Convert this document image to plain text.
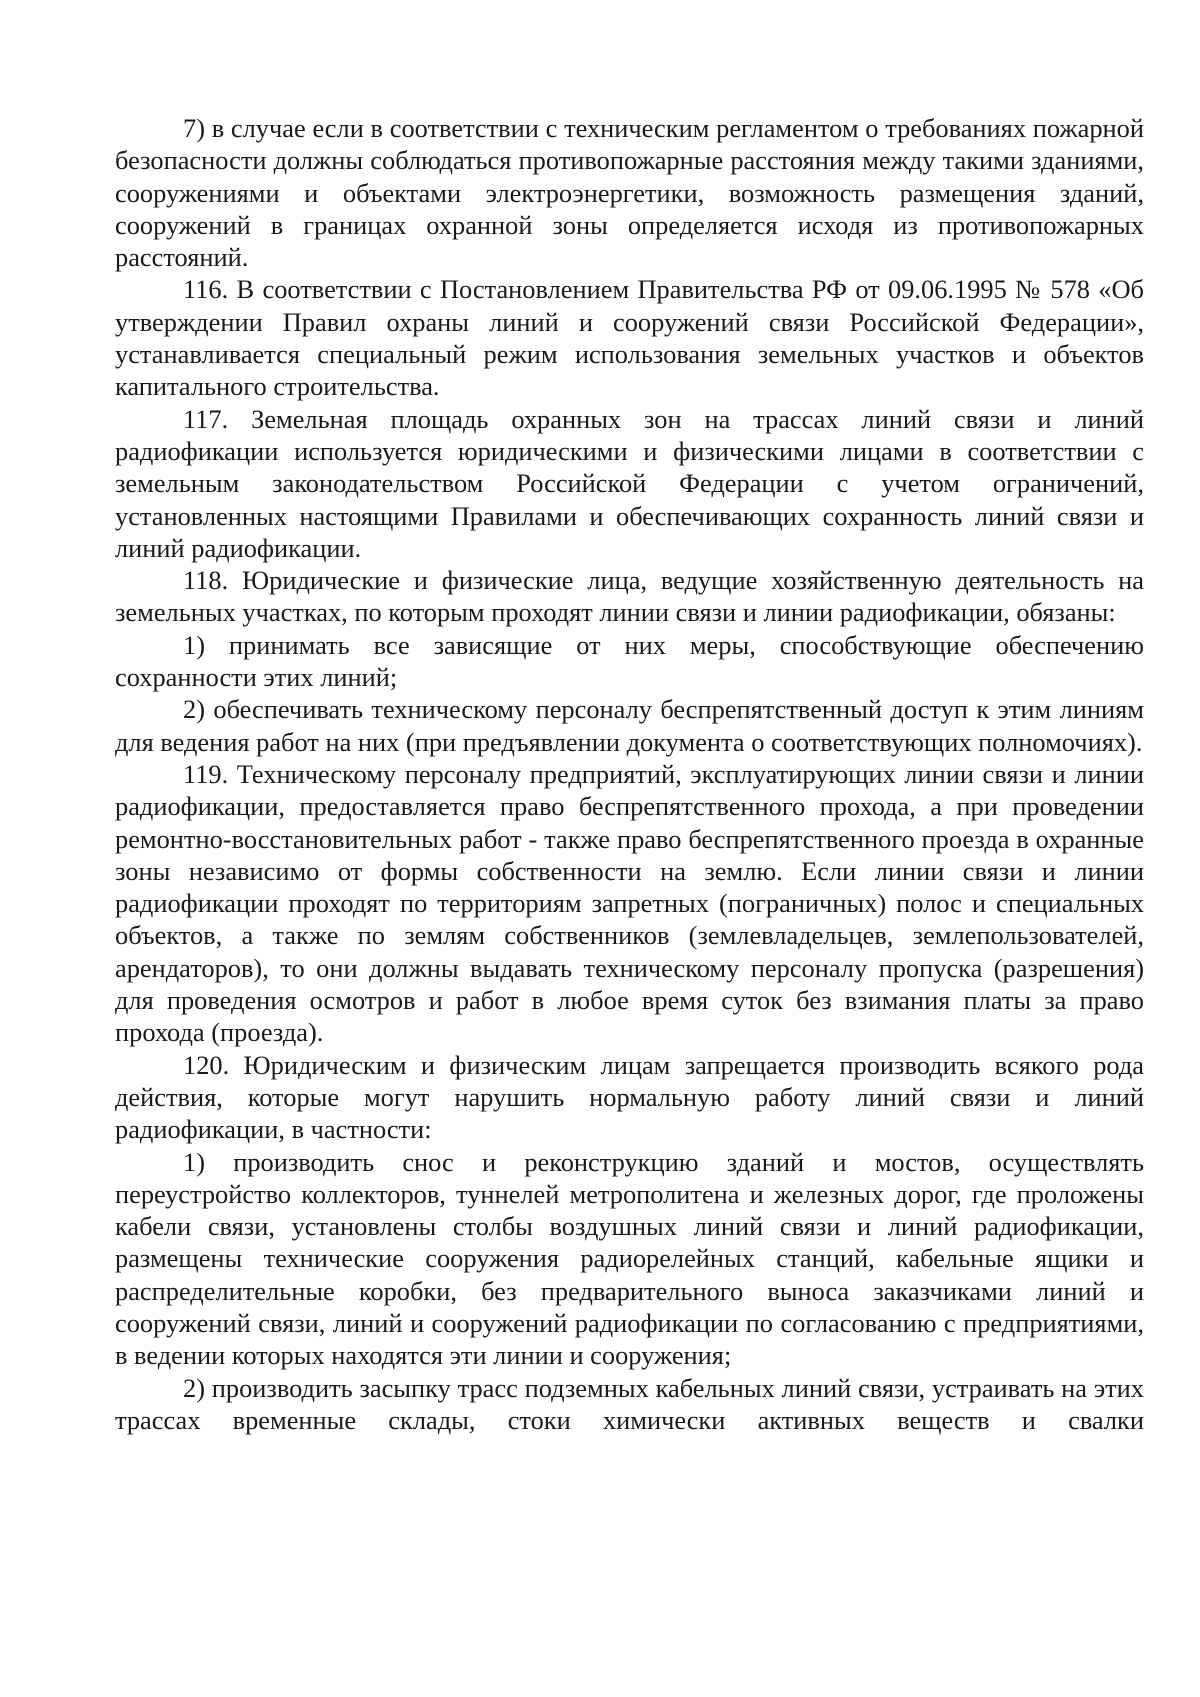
7) в случае если в соответствии с техническим регламентом о требованиях пожарной безопасности должны соблюдаться противопожарные расстояния между такими зданиями, сооружениями и объектами электроэнергетики, возможность размещения зданий, сооружений в границах охранной зоны определяется исходя из противопожарных расстояний.

116. В соответствии с Постановлением Правительства РФ от 09.06.1995 № 578 «Об утверждении Правил охраны линий и сооружений связи Российской Федерации», устанавливается специальный режим использования земельных участков и объектов капитального строительства.

117. Земельная площадь охранных зон на трассах линий связи и линий радиофикации используется юридическими и физическими лицами в соответствии с земельным законодательством Российской Федерации с учетом ограничений, установленных настоящими Правилами и обеспечивающих сохранность линий связи и линий радиофикации.

118. Юридические и физические лица, ведущие хозяйственную деятельность на земельных участках, по которым проходят линии связи и линии радиофикации, обязаны:

1) принимать все зависящие от них меры, способствующие обеспечению сохранности этих линий;

2) обеспечивать техническому персоналу беспрепятственный доступ к этим линиям для ведения работ на них (при предъявлении документа о соответствующих полномочиях).

119. Техническому персоналу предприятий, эксплуатирующих линии связи и линии радиофикации, предоставляется право беспрепятственного прохода, а при проведении ремонтно-восстановительных работ - также право беспрепятственного проезда в охранные зоны независимо от формы собственности на землю. Если линии связи и линии радиофикации проходят по территориям запретных (пограничных) полос и специальных объектов, а также по землям собственников (землевладельцев, землепользователей, арендаторов), то они должны выдавать техническому персоналу пропуска (разрешения) для проведения осмотров и работ в любое время суток без взимания платы за право прохода (проезда).

120. Юридическим и физическим лицам запрещается производить всякого рода действия, которые могут нарушить нормальную работу линий связи и линий радиофикации, в частности:

1) производить снос и реконструкцию зданий и мостов, осуществлять переустройство коллекторов, туннелей метрополитена и железных дорог, где проложены кабели связи, установлены столбы воздушных линий связи и линий радиофикации, размещены технические сооружения радиорелейных станций, кабельные ящики и распределительные коробки, без предварительного выноса заказчиками линий и сооружений связи, линий и сооружений радиофикации по согласованию с предприятиями, в ведении которых находятся эти линии и сооружения;

2) производить засыпку трасс подземных кабельных линий связи, устраивать на этих трассах временные склады, стоки химически активных веществ и свалки
